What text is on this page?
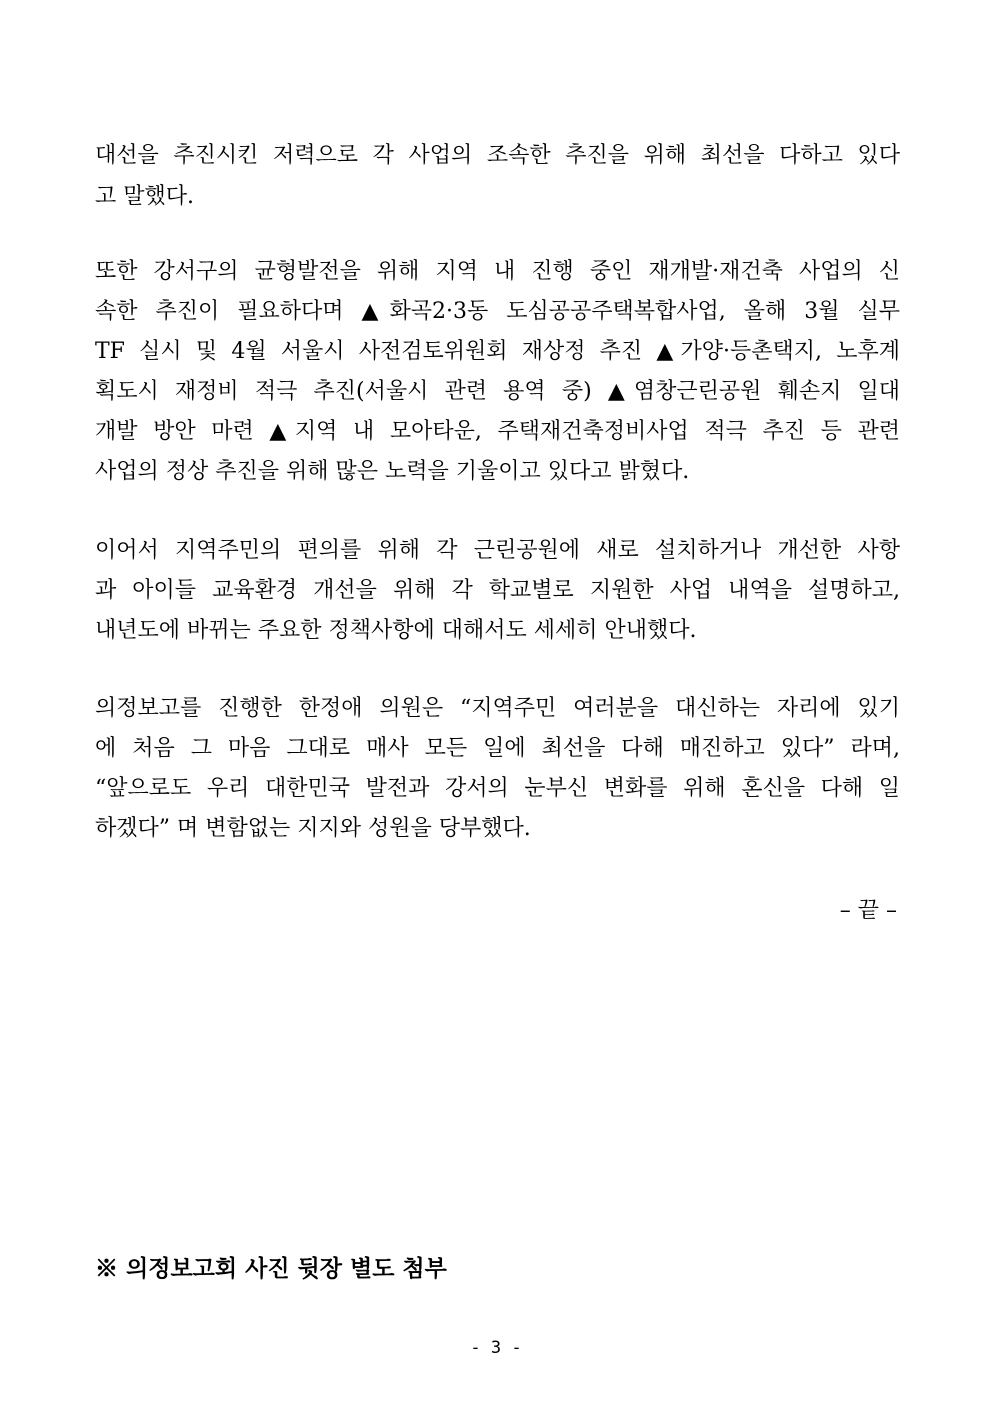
대선을 추진시킨 저력으로 각 사업의 조속한 추진을 위해 최선을 다하고 있다
고 말했다.
또한 강서구의 균형발전을 위해 지역 내 진행 중인 재개발·재건축 사업의 신
속한 추진이 필요하다며 ▲화곡2·3동 도심공공주택복합사업, 올해 3월 실무
TF 실시 및 4월 서울시 사전검토위원회 재상정 추진 ▲가양·등촌택지, 노후계
획도시 재정비 적극 추진(서울시 관련 용역 중) ▲염창근린공원 훼손지 일대
개발 방안 마련 ▲지역 내 모아타운, 주택재건축정비사업 적극 추진 등 관련
사업의 정상 추진을 위해 많은 노력을 기울이고 있다고 밝혔다.
이어서 지역주민의 편의를 위해 각 근린공원에 새로 설치하거나 개선한 사항
과 아이들 교육환경 개선을 위해 각 학교별로 지원한 사업 내역을 설명하고,
내년도에 바뀌는 주요한 정책사항에 대해서도 세세히 안내했다.
의정보고를 진행한 한정애 의원은 “지역주민 여러분을 대신하는 자리에 있기
에 처음 그 마음 그대로 매사 모든 일에 최선을 다해 매진하고 있다” 라며,
“앞으로도 우리 대한민국 발전과 강서의 눈부신 변화를 위해 혼신을 다해 일
하겠다” 며 변함없는 지지와 성원을 당부했다.
– 끝 –
※ 의정보고회 사진 뒷장 별도 첨부
- 3 -
